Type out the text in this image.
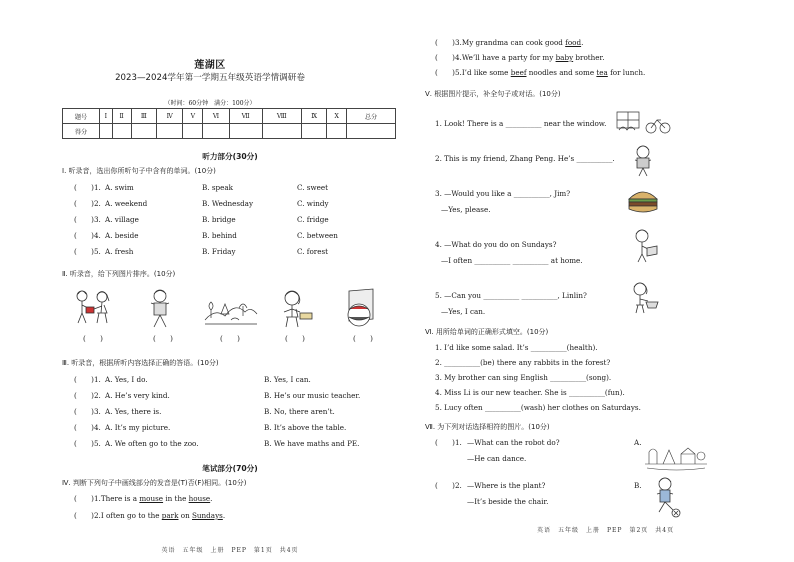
莲湖区
2023—2024学年第一学期五年级英语学情调研卷
（时间：60分钟　满分：100分）
题号	Ⅰ	Ⅱ	Ⅲ	Ⅳ	Ⅴ	Ⅵ	Ⅶ	Ⅷ	Ⅸ	Ⅹ	总分
得分											
听力部分(30分)
Ⅰ. 听录音，选出你所听句子中含有的单词。(10分)
(　　)1. A. swim	B. speak	C. sweet
(　　)2. A. weekend	B. Wednesday	C. windy
(　　)3. A. village	B. bridge	C. fridge
(　　)4. A. beside	B. behind	C. between
(　　)5. A. fresh	B. Friday	C. forest
Ⅱ. 听录音，给下列图片排序。(10分)
(　　)	(　　)	(　　)	(　　)	(　　)
Ⅲ. 听录音，根据所听内容选择正确的答语。(10分)
(　　)1. A. Yes, I do.	B. Yes, I can.
(　　)2. A. He’s very kind.	B. He’s our music teacher.
(　　)3. A. Yes, there is.	B. No, there aren’t.
(　　)4. A. It’s my picture.	B. It’s above the table.
(　　)5. A. We often go to the zoo.	B. We have maths and PE.
笔试部分(70分)
Ⅳ. 判断下列句子中画线部分的发音是(T)否(F)相同。(10分)
(　　)1.There is a mouse in the house.
(　　)2.I often go to the park on Sundays.
英语　五年级　上册　PEP　第1页　共4页
(　　)3.My grandma can cook good food.
(　　)4.We’ll have a party for my baby brother.
(　　)5.I’d like some beef noodles and some tea for lunch.
Ⅴ. 根据图片提示，补全句子或对话。(10分)
1. Look! There is a __________ near the window.
2. This is my friend, Zhang Peng. He’s __________.
3. —Would you like a __________, Jim?
—Yes, please.
4. —What do you do on Sundays?
—I often __________ __________ at home.
5. —Can you __________ __________, Linlin?
—Yes, I can.
Ⅵ. 用所给单词的正确形式填空。(10分)
1. I’d like some salad. It’s __________(health).
2. __________(be) there any rabbits in the forest?
3. My brother can sing English __________(song).
4. Miss Li is our new teacher. She is __________(fun).
5. Lucy often __________(wash) her clothes on Saturdays.
Ⅶ. 为下列对话选择相符的图片。(10分)
(　　)1. —What can the robot do?
—He can dance.
A.
(　　)2. —Where is the plant?
—It’s beside the chair.
B.
英语　五年级　上册　PEP　第2页　共4页
